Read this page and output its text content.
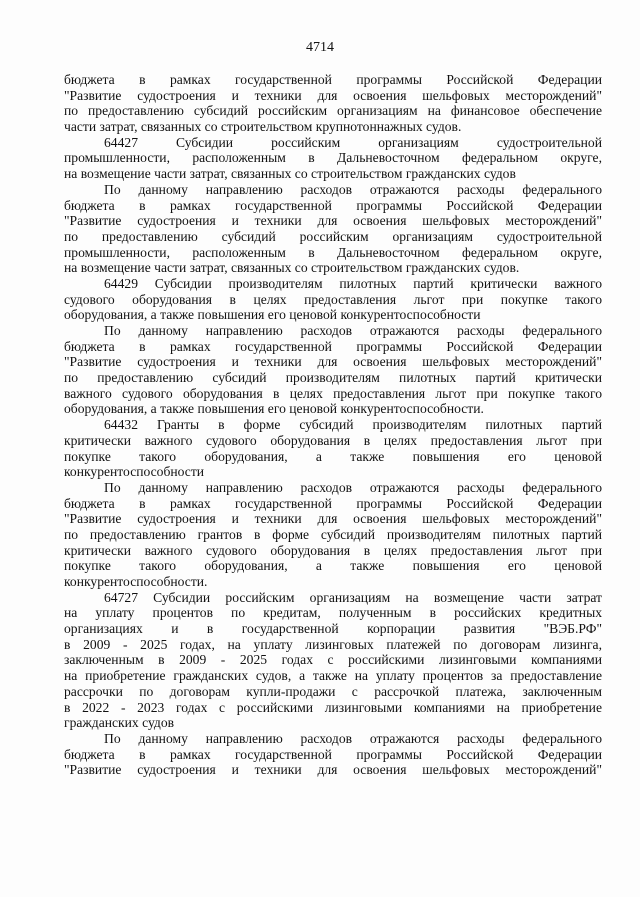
4714
бюджета в рамках государственной программы Российской Федерации
"Развитие судостроения и техники для освоения шельфовых месторождений"
по предоставлению субсидий российским организациям на финансовое обеспечение
части затрат, связанных со строительством крупнотоннажных судов.
64427 Субсидии российским организациям судостроительной
промышленности, расположенным в Дальневосточном федеральном округе,
на возмещение части затрат, связанных со строительством гражданских судов
По данному направлению расходов отражаются расходы федерального
бюджета в рамках государственной программы Российской Федерации
"Развитие судостроения и техники для освоения шельфовых месторождений"
по предоставлению субсидий российским организациям судостроительной
промышленности, расположенным в Дальневосточном федеральном округе,
на возмещение части затрат, связанных со строительством гражданских судов.
64429 Субсидии производителям пилотных партий критически важного
судового оборудования в целях предоставления льгот при покупке такого
оборудования, а также повышения его ценовой конкурентоспособности
По данному направлению расходов отражаются расходы федерального
бюджета в рамках государственной программы Российской Федерации
"Развитие судостроения и техники для освоения шельфовых месторождений"
по предоставлению субсидий производителям пилотных партий критически
важного судового оборудования в целях предоставления льгот при покупке такого
оборудования, а также повышения его ценовой конкурентоспособности.
64432 Гранты в форме субсидий производителям пилотных партий
критически важного судового оборудования в целях предоставления льгот при
покупке такого оборудования, а также повышения его ценовой
конкурентоспособности
По данному направлению расходов отражаются расходы федерального
бюджета в рамках государственной программы Российской Федерации
"Развитие судостроения и техники для освоения шельфовых месторождений"
по предоставлению грантов в форме субсидий производителям пилотных партий
критически важного судового оборудования в целях предоставления льгот при
покупке такого оборудования, а также повышения его ценовой
конкурентоспособности.
64727 Субсидии российским организациям на возмещение части затрат
на уплату процентов по кредитам, полученным в российских кредитных
организациях и в государственной корпорации развития "ВЭБ.РФ"
в 2009 - 2025 годах, на уплату лизинговых платежей по договорам лизинга,
заключенным в 2009 - 2025 годах с российскими лизинговыми компаниями
на приобретение гражданских судов, а также на уплату процентов за предоставление
рассрочки по договорам купли-продажи с рассрочкой платежа, заключенным
в 2022 - 2023 годах с российскими лизинговыми компаниями на приобретение
гражданских судов
По данному направлению расходов отражаются расходы федерального
бюджета в рамках государственной программы Российской Федерации
"Развитие судостроения и техники для освоения шельфовых месторождений"
